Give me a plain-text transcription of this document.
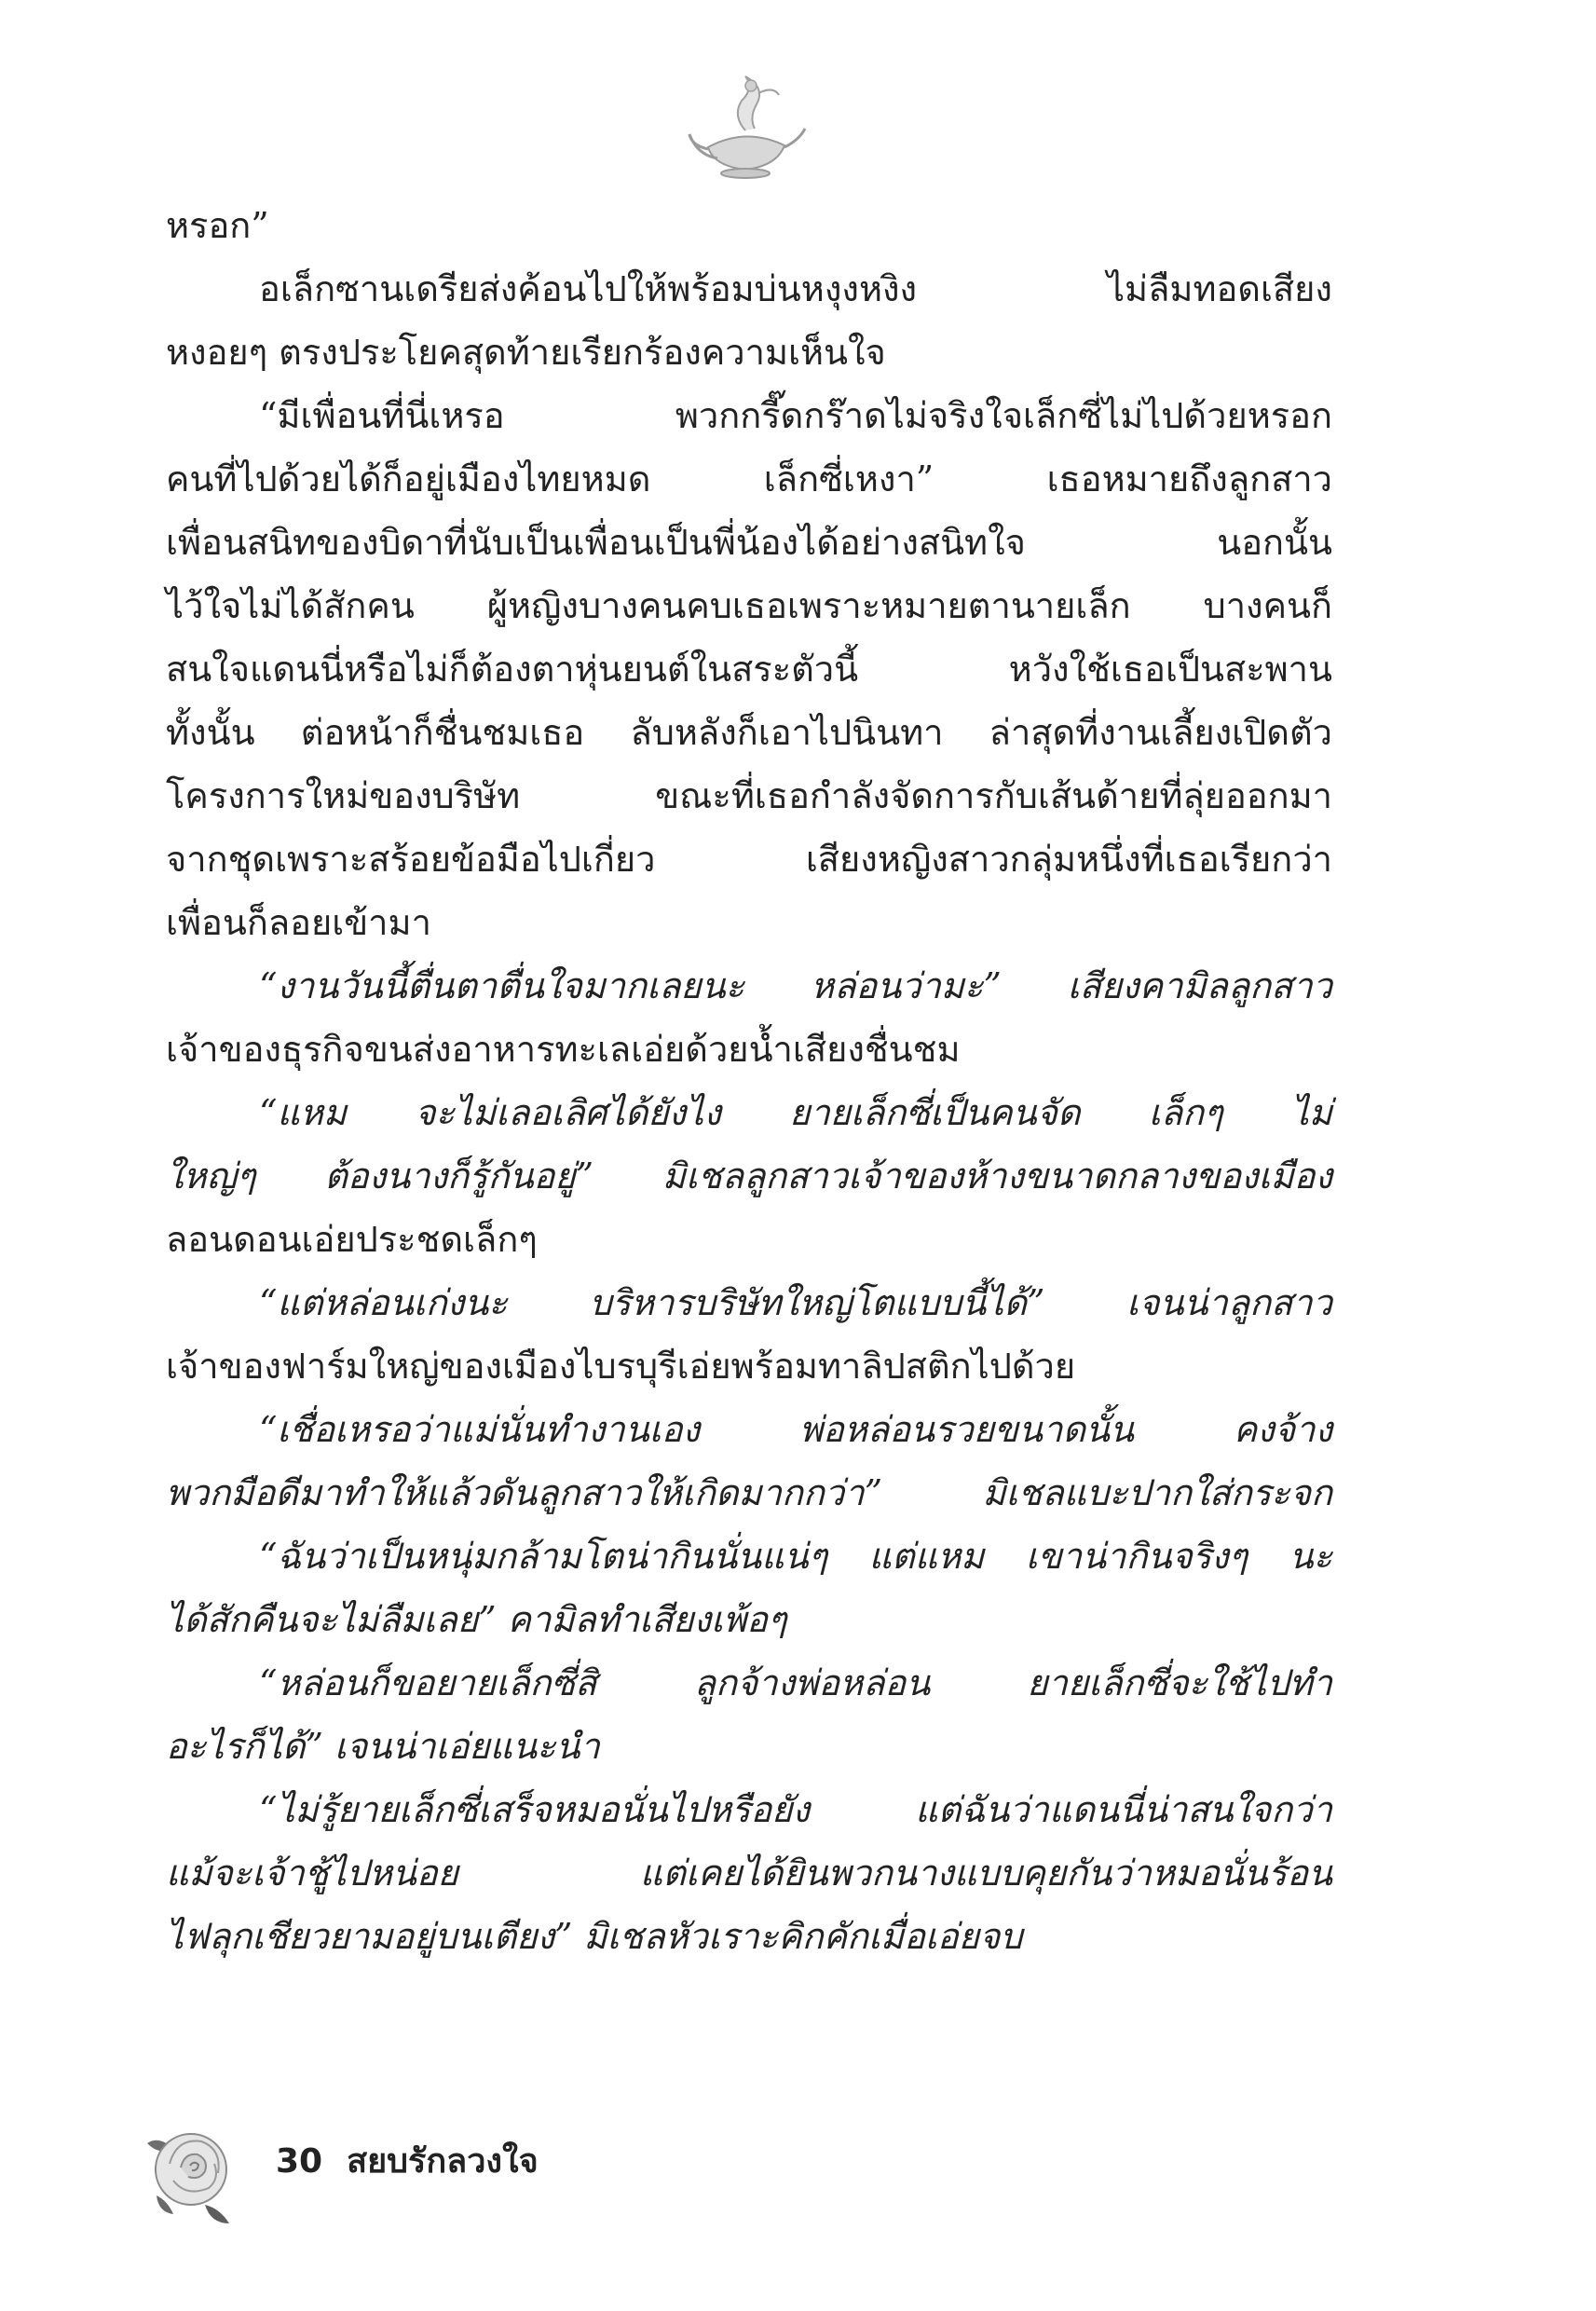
หรอก”
อเล็กซานเดรียส่งค้อนไปให้พร้อมบ่นหงุงหงิง ไม่ลืมทอดเสียง
หงอยๆ ตรงประโยคสุดท้ายเรียกร้องความเห็นใจ
“มีเพื่อนที่นี่เหรอ พวกกรี๊ดกร๊าดไม่จริงใจเล็กซี่ไม่ไปด้วยหรอก
คนที่ไปด้วยได้ก็อยู่เมืองไทยหมด เล็กซี่เหงา” เธอหมายถึงลูกสาว
เพื่อนสนิทของบิดาที่นับเป็นเพื่อนเป็นพี่น้องได้อย่างสนิทใจ นอกนั้น
ไว้ใจไม่ได้สักคน ผู้หญิงบางคนคบเธอเพราะหมายตานายเล็ก บางคนก็
สนใจแดนนี่หรือไม่ก็ต้องตาหุ่นยนต์ในสระตัวนี้ หวังใช้เธอเป็นสะพาน
ทั้งนั้น ต่อหน้าก็ชื่นชมเธอ ลับหลังก็เอาไปนินทา ล่าสุดที่งานเลี้ยงเปิดตัว
โครงการใหม่ของบริษัท ขณะที่เธอกำลังจัดการกับเส้นด้ายที่ลุ่ยออกมา
จากชุดเพราะสร้อยข้อมือไปเกี่ยว เสียงหญิงสาวกลุ่มหนึ่งที่เธอเรียกว่า
เพื่อนก็ลอยเข้ามา
“งานวันนี้ตื่นตาตื่นใจมากเลยนะ หล่อนว่ามะ” เสียงคามิลลูกสาว
เจ้าของธุรกิจขนส่งอาหารทะเลเอ่ยด้วยน้ำเสียงชื่นชม
“แหม จะไม่เลอเลิศได้ยังไง ยายเล็กซี่เป็นคนจัด เล็กๆ ไม่
ใหญ่ๆ ต้องนางก็รู้กันอยู่” มิเชลลูกสาวเจ้าของห้างขนาดกลางของเมือง
ลอนดอนเอ่ยประชดเล็กๆ
“แต่หล่อนเก่งนะ บริหารบริษัทใหญ่โตแบบนี้ได้” เจนน่าลูกสาว
เจ้าของฟาร์มใหญ่ของเมืองไบรบุรีเอ่ยพร้อมทาลิปสติกไปด้วย
“เชื่อเหรอว่าแม่นั่นทำงานเอง พ่อหล่อนรวยขนาดนั้น คงจ้าง
พวกมือดีมาทำให้แล้วดันลูกสาวให้เกิดมากกว่า” มิเชลแบะปากใส่กระจก
“ฉันว่าเป็นหนุ่มกล้ามโตน่ากินนั่นแน่ๆ แต่แหม เขาน่ากินจริงๆ นะ
ได้สักคืนจะไม่ลืมเลย” คามิลทำเสียงเพ้อๆ
“หล่อนก็ขอยายเล็กซี่สิ ลูกจ้างพ่อหล่อน ยายเล็กซี่จะใช้ไปทำ
อะไรก็ได้” เจนน่าเอ่ยแนะนำ
“ไม่รู้ยายเล็กซี่เสร็จหมอนั่นไปหรือยัง แต่ฉันว่าแดนนี่น่าสนใจกว่า
แม้จะเจ้าชู้ไปหน่อย แต่เคยได้ยินพวกนางแบบคุยกันว่าหมอนั่นร้อน
ไฟลุกเชียวยามอยู่บนเตียง” มิเชลหัวเราะคิกคักเมื่อเอ่ยจบ
30 สยบรักลวงใจ
